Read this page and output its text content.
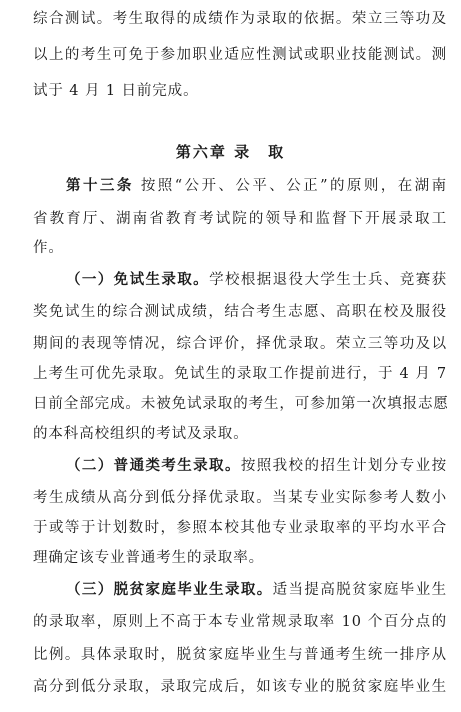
综合测试。考生取得的成绩作为录取的依据。荣立三等功及
以上的考生可免于参加职业适应性测试或职业技能测试。测
试于 4 月 1 日前完成。
第六章 录　取
第十三条 按照“公开、公平、公正”的原则，在湖南
省教育厅、湖南省教育考试院的领导和监督下开展录取工
作。
（一）免试生录取。学校根据退役大学生士兵、竞赛获
奖免试生的综合测试成绩，结合考生志愿、高职在校及服役
期间的表现等情况，综合评价，择优录取。荣立三等功及以
上考生可优先录取。免试生的录取工作提前进行，于 4 月 7
日前全部完成。未被免试录取的考生，可参加第一次填报志愿
的本科高校组织的考试及录取。
（二）普通类考生录取。按照我校的招生计划分专业按
考生成绩从高分到低分择优录取。当某专业实际参考人数小
于或等于计划数时，参照本校其他专业录取率的平均水平合
理确定该专业普通考生的录取率。
（三）脱贫家庭毕业生录取。适当提高脱贫家庭毕业生
的录取率，原则上不高于本专业常规录取率 10 个百分点的
比例。具体录取时，脱贫家庭毕业生与普通考生统一排序从
高分到低分录取，录取完成后，如该专业的脱贫家庭毕业生
